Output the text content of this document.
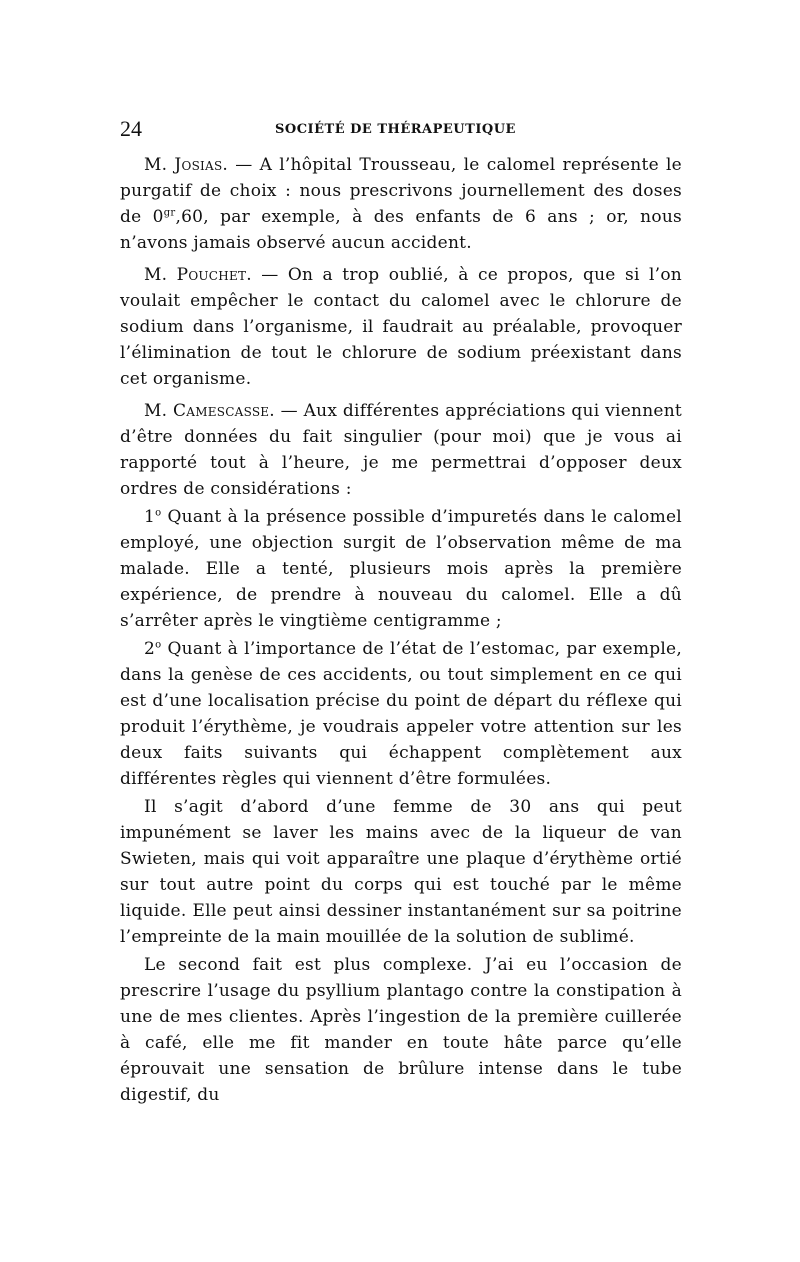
24	SOCIÉTÉ DE THÉRAPEUTIQUE

M. Josias. — A l’hôpital Trousseau, le calomel représente le purgatif de choix : nous prescrivons journellement des doses de $0^{gr},60$, par exemple, à des enfants de 6 ans ; or, nous n’avons jamais observé aucun accident.

M. Pouchet. — On a trop oublié, à ce propos, que si l’on voulait empêcher le contact du calomel avec le chlorure de sodium dans l’organisme, il faudrait au préalable, provoquer l’élimination de tout le chlorure de sodium préexistant dans cet organisme.

M. Camescasse. — Aux différentes appréciations qui viennent d’être données du fait singulier (pour moi) que je vous ai rapporté tout à l’heure, je me permettrai d’opposer deux ordres de considérations :

1$^o$ Quant à la présence possible d’impuretés dans le calomel employé, une objection surgit de l’observation même de ma malade. Elle a tenté, plusieurs mois après la première expérience, de prendre à nouveau du calomel. Elle a dû s’arrêter après le vingtième centigramme ;

2$^o$ Quant à l’importance de l’état de l’estomac, par exemple, dans la genèse de ces accidents, ou tout simplement en ce qui est d’une localisation précise du point de départ du réflexe qui produit l’érythème, je voudrais appeler votre attention sur les deux faits suivants qui échappent complètement aux différentes règles qui viennent d’être formulées.

Il s’agit d’abord d’une femme de 30 ans qui peut impunément se laver les mains avec de la liqueur de van Swieten, mais qui voit apparaître une plaque d’érythème ortié sur tout autre point du corps qui est touché par le même liquide. Elle peut ainsi dessiner instantanément sur sa poitrine l’empreinte de la main mouillée de la solution de sublimé.

Le second fait est plus complexe. J’ai eu l’occasion de prescrire l’usage du psyllium plantago contre la constipation à une de mes clientes. Après l’ingestion de la première cuillerée à café, elle me fit mander en toute hâte parce qu’elle éprouvait une sensation de brûlure intense dans le tube digestif, du
